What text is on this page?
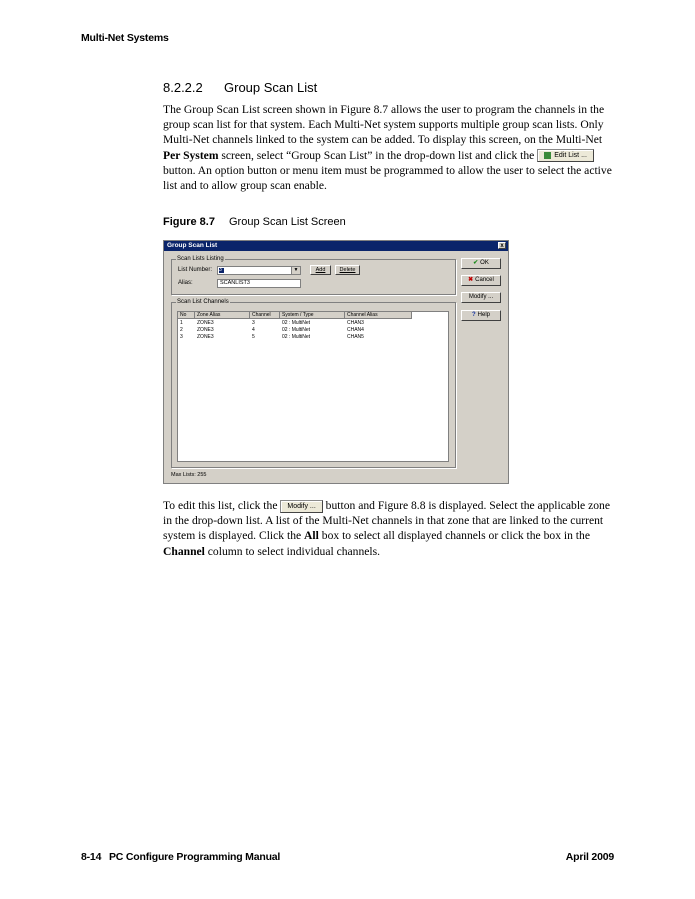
Multi-Net Systems
8.2.2.2 Group Scan List
The Group Scan List screen shown in Figure 8.7 allows the user to program the channels in the group scan list for that system. Each Multi-Net system supports multiple group scan lists. Only Multi-Net channels linked to the system can be added. To display this screen, on the Multi-Net Per System screen, select “Group Scan List” in the drop-down list and click the Edit List ... button. An option button or menu item must be programmed to allow the user to select the active list and to allow group scan enable.
Figure 8.7 Group Scan List Screen
Group Scan List	x
Scan Lists Listing
List Number: 3	▼	Add	Delete
Alias:	SCANLIST3
Scan List Channels
No	Zone Alias	Channel	System / Type	Channel Alias
1	ZONE3	3	02 : MultiNet	CHAN3
2	ZONE3	4	02 : MultiNet	CHAN4
3	ZONE3	5	02 : MultiNet	CHAN5
Max Lists: 255
✔ OK
✖ Cancel
Modify ...
? Help
To edit this list, click the Modify ... button and Figure 8.8 is displayed. Select the applicable zone in the drop-down list. A list of the Multi-Net channels in that zone that are linked to the current system is displayed. Click the All box to select all displayed channels or click the box in the Channel column to select individual channels.
8-14 PC Configure Programming Manual	April 2009
